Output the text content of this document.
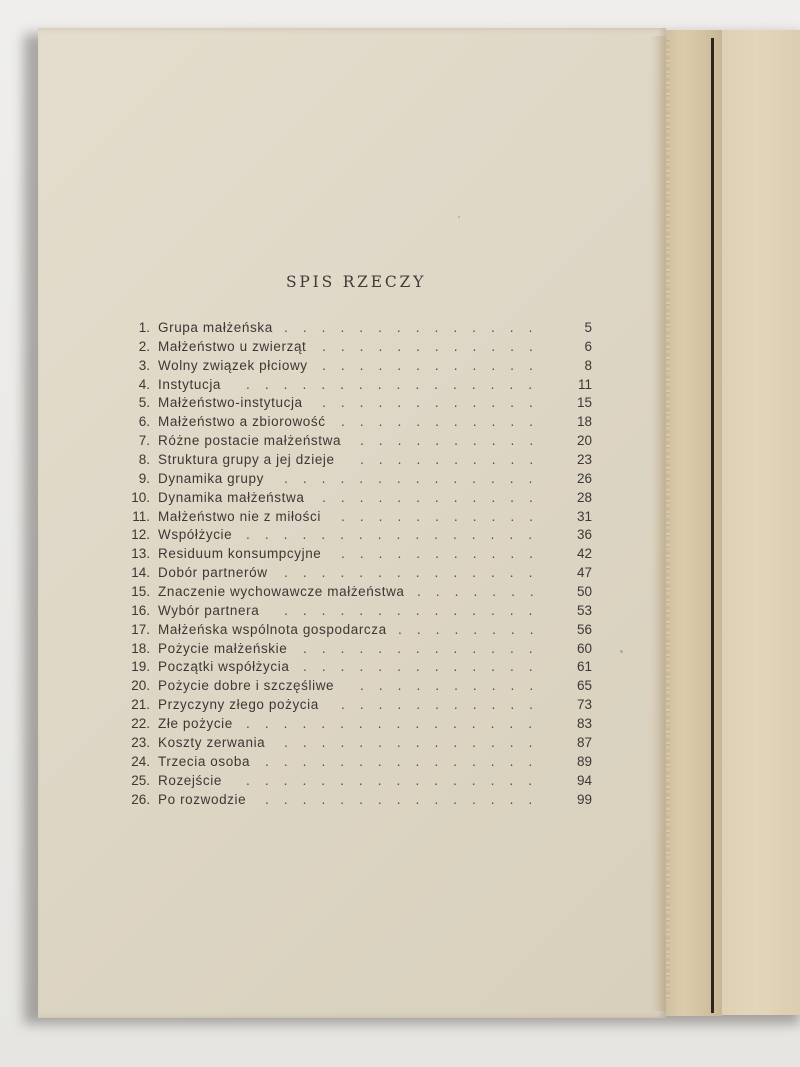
SPIS RZECZY
1. Grupa małżeńska ..............	5
2. Małżeństwo u zwierząt ............	6
3. Wolny związek płciowy ............	8
4. Instytucja ................	11
5. Małżeństwo-instytucja ............	15
6. Małżeństwo a zbiorowość ...........	18
7. Różne postacie małżeństwa ..........	20
8. Struktura grupy a jej dzieje ..........	23
9. Dynamika grupy ..............	26
10. Dynamika małżeństwa ............	28
11. Małżeństwo nie z miłości ...........	31
12. Współżycie ................	36
13. Residuum konsumpcyjne ...........	42
14. Dobór partnerów ..............	47
15. Znaczenie wychowawcze małżeństwa .......	50
16. Wybór partnera ..............	53
17. Małżeńska wspólnota gospodarcza ........	56
18. Pożycie małżeńskie .............	60
19. Początki współżycia .............	61
20. Pożycie dobre i szczęśliwe ..........	65
21. Przyczyny złego pożycia ...........	73
22. Złe pożycie ................	83
23. Koszty zerwania ..............	87
24. Trzecia osoba ...............	89
25. Rozejście ................	94
26. Po rozwodzie ...............	99
